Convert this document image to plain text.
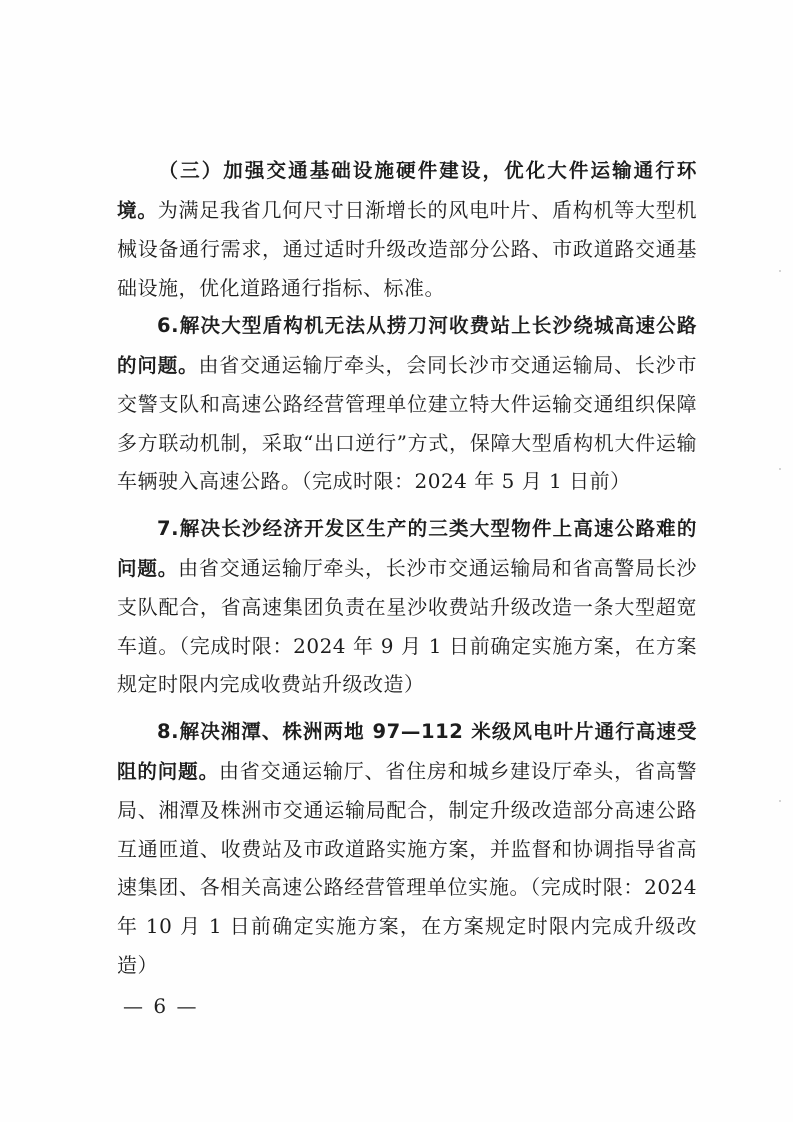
（三）加强交通基础设施硬件建设，优化大件运输通行环境。为满足我省几何尺寸日渐增长的风电叶片、盾构机等大型机械设备通行需求，通过适时升级改造部分公路、市政道路交通基础设施，优化道路通行指标、标准。

6.解决大型盾构机无法从捞刀河收费站上长沙绕城高速公路的问题。由省交通运输厅牵头，会同长沙市交通运输局、长沙市交警支队和高速公路经营管理单位建立特大件运输交通组织保障多方联动机制，采取“出口逆行”方式，保障大型盾构机大件运输车辆驶入高速公路。（完成时限：2024 年 5 月 1 日前）

7.解决长沙经济开发区生产的三类大型物件上高速公路难的问题。由省交通运输厅牵头，长沙市交通运输局和省高警局长沙支队配合，省高速集团负责在星沙收费站升级改造一条大型超宽车道。（完成时限：2024 年 9 月 1 日前确定实施方案，在方案规定时限内完成收费站升级改造）

8.解决湘潭、株洲两地 97—112 米级风电叶片通行高速受阻的问题。由省交通运输厅、省住房和城乡建设厅牵头，省高警局、湘潭及株洲市交通运输局配合，制定升级改造部分高速公路互通匝道、收费站及市政道路实施方案，并监督和协调指导省高速集团、各相关高速公路经营管理单位实施。（完成时限：2024 年 10 月 1 日前确定实施方案，在方案规定时限内完成升级改造）

— 6 —
